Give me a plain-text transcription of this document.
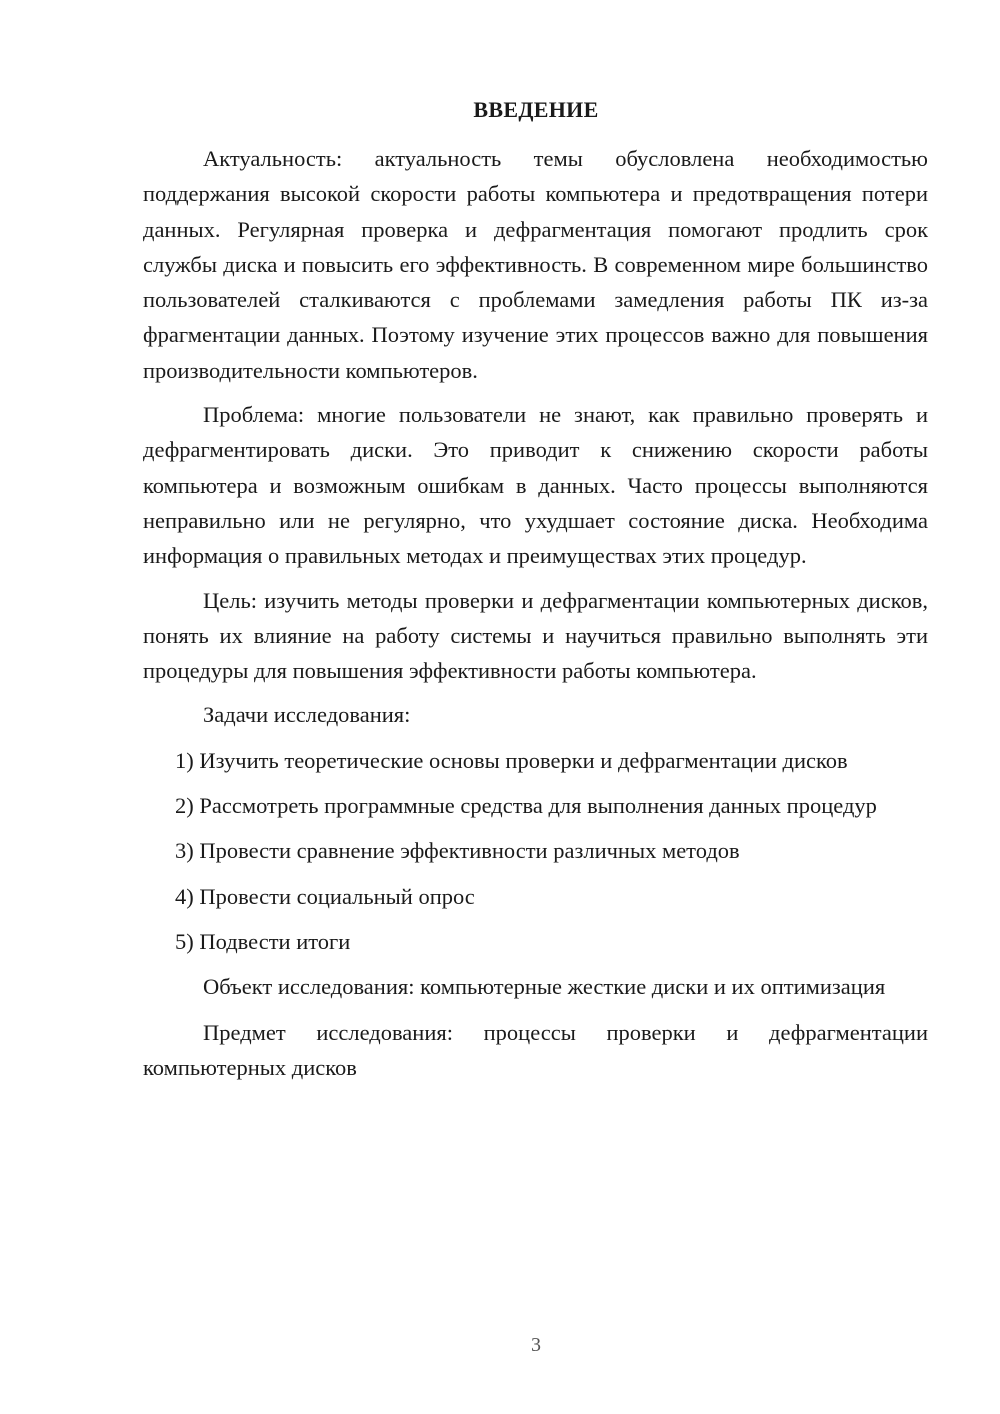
ВВЕДЕНИЕ

Актуальность: актуальность темы обусловлена необходимостью поддержания высокой скорости работы компьютера и предотвращения потери данных. Регулярная проверка и дефрагментация помогают продлить срок службы диска и повысить его эффективность. В современном мире большинство пользователей сталкиваются с проблемами замедления работы ПК из-за фрагментации данных. Поэтому изучение этих процессов важно для повышения производительности компьютеров.

Проблема: многие пользователи не знают, как правильно проверять и дефрагментировать диски. Это приводит к снижению скорости работы компьютера и возможным ошибкам в данных. Часто процессы выполняются неправильно или не регулярно, что ухудшает состояние диска. Необходима информация о правильных методах и преимуществах этих процедур.

Цель: изучить методы проверки и дефрагментации компьютерных дисков, понять их влияние на работу системы и научиться правильно выполнять эти процедуры для повышения эффективности работы компьютера.

Задачи исследования:

1) Изучить теоретические основы проверки и дефрагментации дисков

2) Рассмотреть программные средства для выполнения данных процедур

3) Провести сравнение эффективности различных методов

4) Провести социальный опрос

5) Подвести итоги

Объект исследования: компьютерные жесткие диски и их оптимизация

Предмет исследования: процессы проверки и дефрагментации компьютерных дисков

3
